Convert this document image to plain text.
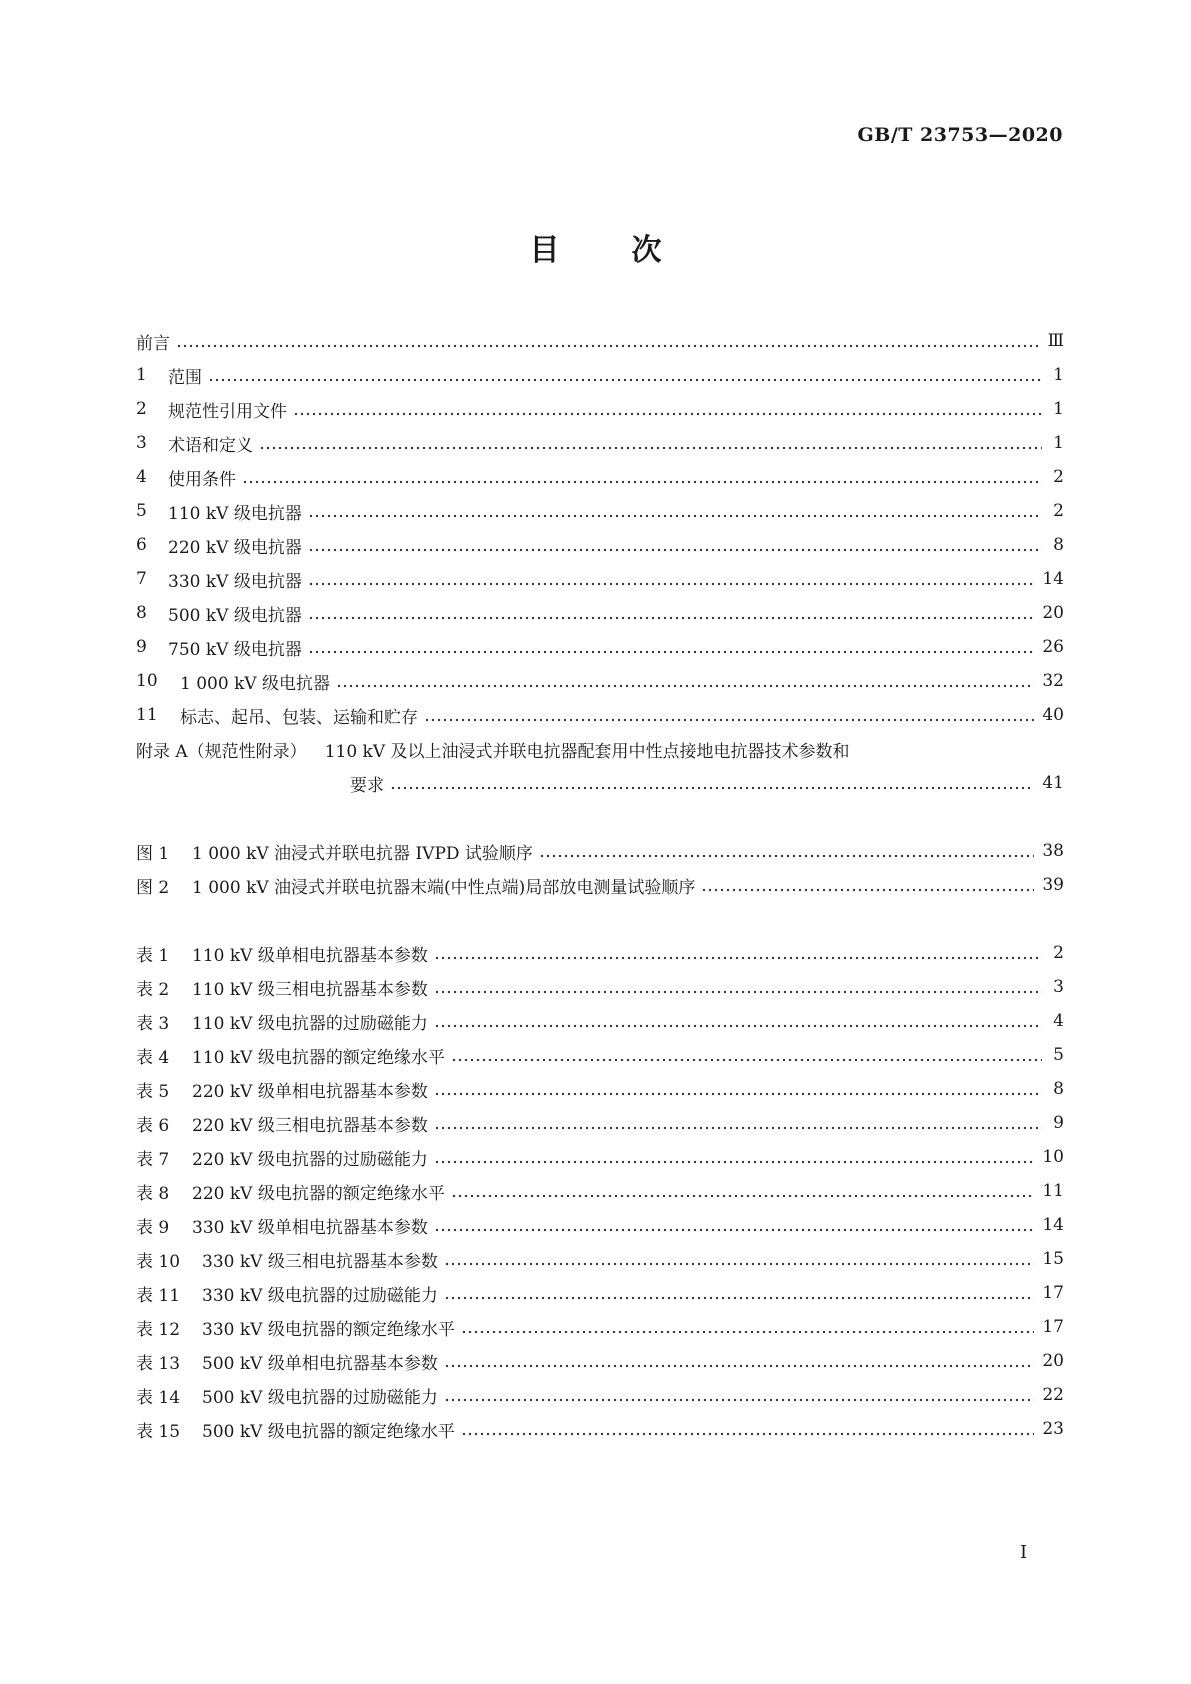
GB/T 23753—2020
目次
前言	Ⅲ
1	范围	1
2	规范性引用文件	1
3	术语和定义	1
4	使用条件	2
5	110 kV 级电抗器	2
6	220 kV 级电抗器	8
7	330 kV 级电抗器	14
8	500 kV 级电抗器	20
9	750 kV 级电抗器	26
10	1 000 kV 级电抗器	32
11	标志、起吊、包装、运输和贮存	40
附录 A（规范性附录） 110 kV 及以上油浸式并联电抗器配套用中性点接地电抗器技术参数和
要求	41
图 1	1 000 kV 油浸式并联电抗器 IVPD 试验顺序	38
图 2	1 000 kV 油浸式并联电抗器末端(中性点端)局部放电测量试验顺序	39
表 1	110 kV 级单相电抗器基本参数	2
表 2	110 kV 级三相电抗器基本参数	3
表 3	110 kV 级电抗器的过励磁能力	4
表 4	110 kV 级电抗器的额定绝缘水平	5
表 5	220 kV 级单相电抗器基本参数	8
表 6	220 kV 级三相电抗器基本参数	9
表 7	220 kV 级电抗器的过励磁能力	10
表 8	220 kV 级电抗器的额定绝缘水平	11
表 9	330 kV 级单相电抗器基本参数	14
表 10	330 kV 级三相电抗器基本参数	15
表 11	330 kV 级电抗器的过励磁能力	17
表 12	330 kV 级电抗器的额定绝缘水平	17
表 13	500 kV 级单相电抗器基本参数	20
表 14	500 kV 级电抗器的过励磁能力	22
表 15	500 kV 级电抗器的额定绝缘水平	23
I
